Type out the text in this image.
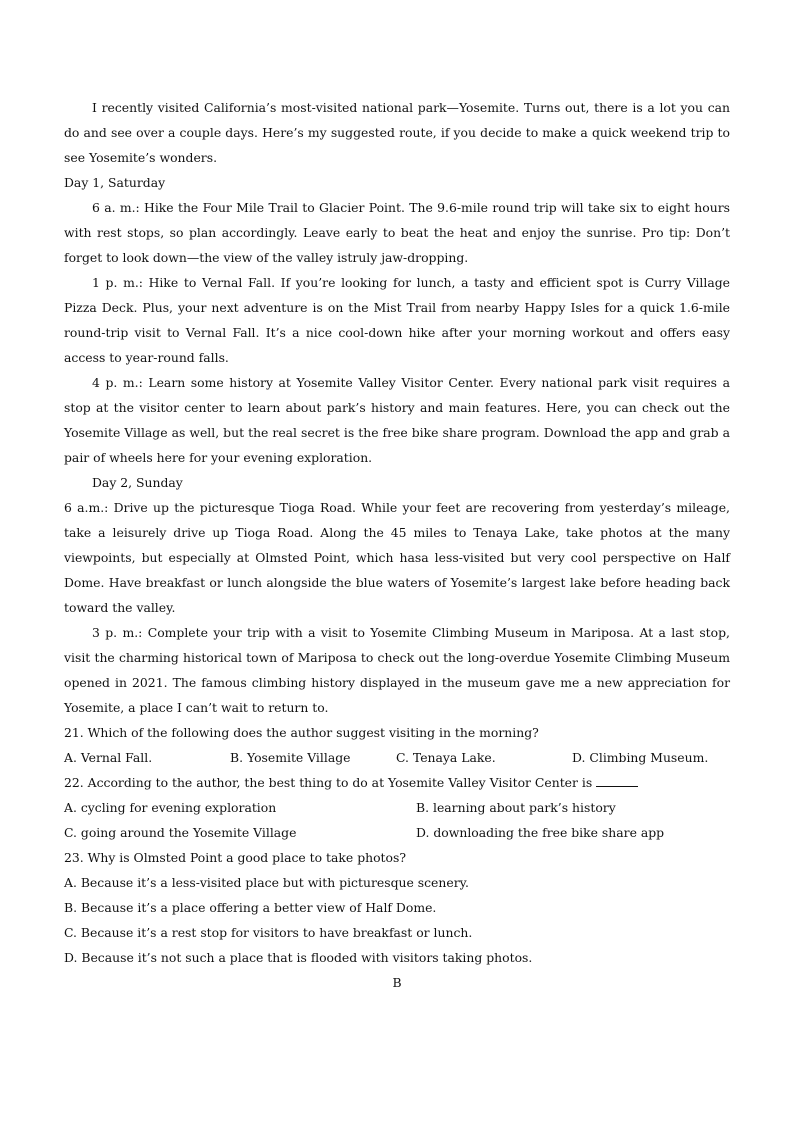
I recently visited California’s most-visited national park—Yosemite. Turns out, there is a lot you can do and see over a couple days. Here’s my suggested route, if you decide to make a quick weekend trip to see Yosemite’s wonders.

Day 1, Saturday

6 a. m.: Hike the Four Mile Trail to Glacier Point. The 9.6-mile round trip will take six to eight hours with rest stops, so plan accordingly. Leave early to beat the heat and enjoy the sunrise. Pro tip: Don’t forget to look down—the view of the valley istruly jaw-dropping.

1 p. m.: Hike to Vernal Fall. If you’re looking for lunch, a tasty and efficient spot is Curry Village Pizza Deck. Plus, your next adventure is on the Mist Trail from nearby Happy Isles for a quick 1.6-mile round-trip visit to Vernal Fall. It’s a nice cool-down hike after your morning workout and offers easy access to year-round falls.

4 p. m.: Learn some history at Yosemite Valley Visitor Center. Every national park visit requires a stop at the visitor center to learn about park’s history and main features. Here, you can check out the Yosemite Village as well, but the real secret is the free bike share program. Download the app and grab a pair of wheels here for your evening exploration.

Day 2, Sunday

6 a.m.: Drive up the picturesque Tioga Road. While your feet are recovering from yesterday’s mileage, take a leisurely drive up Tioga Road. Along the 45 miles to Tenaya Lake, take photos at the many viewpoints, but especially at Olmsted Point, which hasa less-visited but very cool perspective on Half Dome. Have breakfast or lunch alongside the blue waters of Yosemite’s largest lake before heading back toward the valley.

3 p. m.: Complete your trip with a visit to Yosemite Climbing Museum in Mariposa. At a last stop, visit the charming historical town of Mariposa to check out the long-overdue Yosemite Climbing Museum opened in 2021. The famous climbing history displayed in the museum gave me a new appreciation for Yosemite, a place I can’t wait to return to.

21. Which of the following does the author suggest visiting in the morning?

A. Vernal Fall.	B. Yosemite Village	C. Tenaya Lake.	D. Climbing Museum.

22. According to the author, the best thing to do at Yosemite Valley Visitor Center is

A. cycling for evening exploration	B. learning about park’s history
C. going around the Yosemite Village	D. downloading the free bike share app

23. Why is Olmsted Point a good place to take photos?

A. Because it’s a less-visited place but with picturesque scenery.

B. Because it’s a place offering a better view of Half Dome.

C. Because it’s a rest stop for visitors to have breakfast or lunch.

D. Because it’s not such a place that is flooded with visitors taking photos.

B
